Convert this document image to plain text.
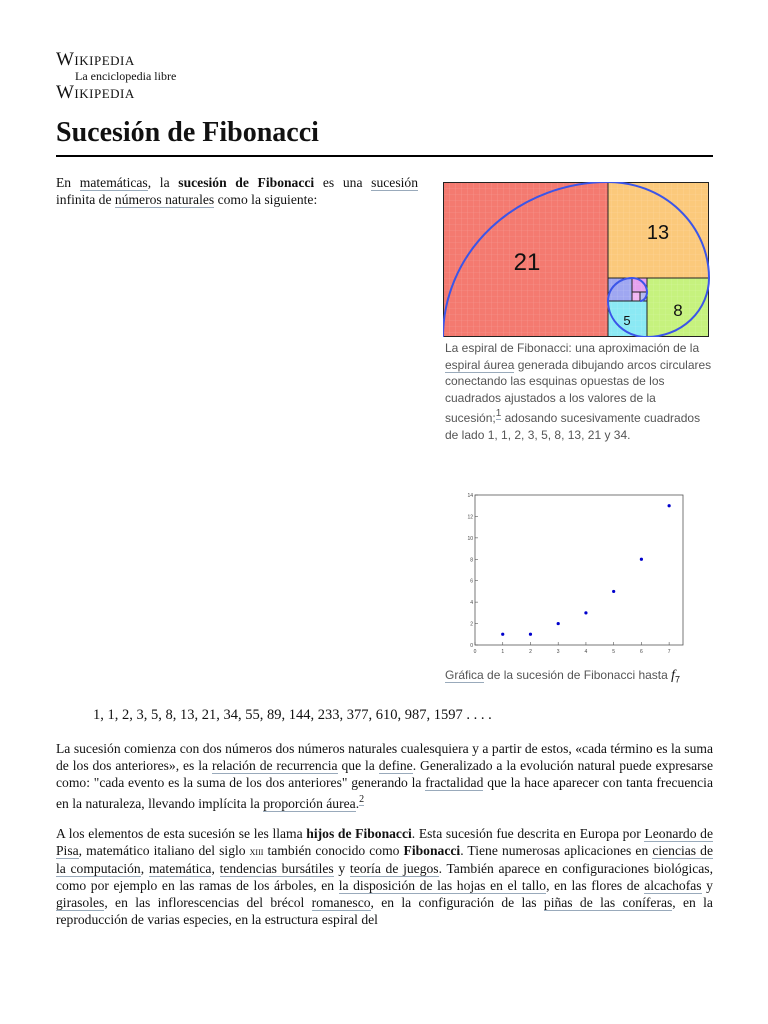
Wikipedia
La enciclopedia libre
Wikipedia
Sucesión de Fibonacci

En matemáticas, la sucesión de Fibonacci es una sucesión infinita de números naturales como la siguiente:

21
13
8
5
La espiral de Fibonacci: una aproximación de la espiral áurea generada dibujando arcos circulares conectando las esquinas opuestas de los cuadrados ajustados a los valores de la sucesión;$^1$ adosando sucesivamente cuadrados de lado 1, 1, 2, 3, 5, 8, 13, 21 y 34.
0	1	2	3	4	5	6	7
0
2
4
6
8
10
12
14
Gráfica de la sucesión de Fibonacci hasta $f_7$
1, 1, 2, 3, 5, 8, 13, 21, 34, 55, 89, 144, 233, 377, 610, 987, 1597 . . . .

La sucesión comienza con dos números dos números naturales cualesquiera y a partir de estos, «cada término es la suma de los dos anteriores», es la relación de recurrencia que la define. Generalizado a la evolución natural puede expresarse como: "cada evento es la suma de los dos anteriores" generando la fractalidad que la hace aparecer con tanta frecuencia en la naturaleza, llevando implícita la proporción áurea.$^2$

A los elementos de esta sucesión se les llama hijos de Fibonacci. Esta sucesión fue descrita en Europa por Leonardo de Pisa, matemático italiano del siglo xiii también conocido como Fibonacci. Tiene numerosas aplicaciones en ciencias de la computación, matemática, tendencias bursátiles y teoría de juegos. También aparece en configuraciones biológicas, como por ejemplo en las ramas de los árboles, en la disposición de las hojas en el tallo, en las flores de alcachofas y girasoles, en las inflorescencias del brécol romanesco, en la configuración de las piñas de las coníferas, en la reproducción de varias especies, en la estructura espiral del
